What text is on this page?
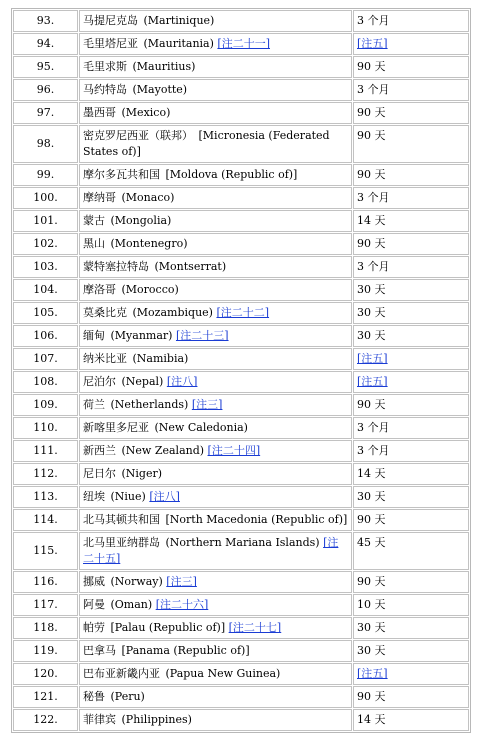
93.	马提尼克岛 (Martinique)	3 个月
94.	毛里塔尼亚 (Mauritania) [注二十一]	[注五]
95.	毛里求斯 (Mauritius)	90 天
96.	马约特岛 (Mayotte)	3 个月
97.	墨西哥 (Mexico)	90 天
98.	密克罗尼西亚（联邦） [Micronesia (Federated States of)]	90 天
99.	摩尔多瓦共和国 [Moldova (Republic of)]	90 天
100.	摩纳哥 (Monaco)	3 个月
101.	蒙古 (Mongolia)	14 天
102.	黑山 (Montenegro)	90 天
103.	蒙特塞拉特岛 (Montserrat)	3 个月
104.	摩洛哥 (Morocco)	30 天
105.	莫桑比克 (Mozambique) [注二十二]	30 天
106.	缅甸 (Myanmar) [注二十三]	30 天
107.	纳米比亚 (Namibia)	[注五]
108.	尼泊尔 (Nepal) [注八]	[注五]
109.	荷兰 (Netherlands) [注三]	90 天
110.	新喀里多尼亚 (New Caledonia)	3 个月
111.	新西兰 (New Zealand) [注二十四]	3 个月
112.	尼日尔 (Niger)	14 天
113.	纽埃 (Niue) [注八]	30 天
114.	北马其顿共和国 [North Macedonia (Republic of)]	90 天
115.	北马里亚纳群岛 (Northern Mariana Islands) [注二十五]	45 天
116.	挪威 (Norway) [注三]	90 天
117.	阿曼 (Oman) [注二十六]	10 天
118.	帕劳 [Palau (Republic of)] [注二十七]	30 天
119.	巴拿马 [Panama (Republic of)]	30 天
120.	巴布亚新畿内亚 (Papua New Guinea)	[注五]
121.	秘鲁 (Peru)	90 天
122.	菲律宾 (Philippines)	14 天
